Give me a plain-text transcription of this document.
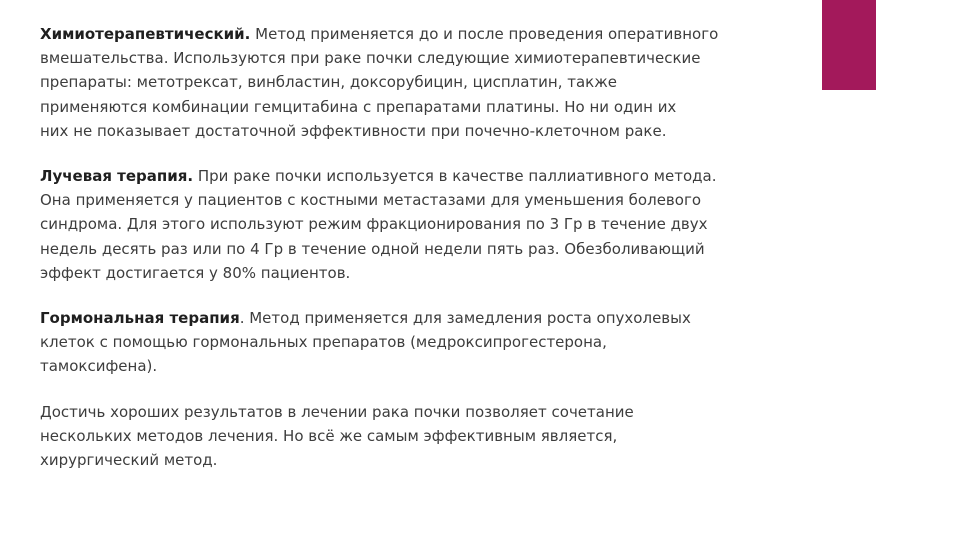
Химиотерапевтический. Метод применяется до и после проведения оперативного
вмешательства. Используются при раке почки следующие химиотерапевтические
препараты: метотрексат, винбластин, доксорубицин, цисплатин, также
применяются комбинации гемцитабина с препаратами платины. Но ни один их
них не показывает достаточной эффективности при почечно-клеточном раке.

Лучевая терапия. При раке почки используется в качестве паллиативного метода.
Она применяется у пациентов с костными метастазами для уменьшения болевого
синдрома. Для этого используют режим фракционирования по 3 Гр в течение двух
недель десять раз или по 4 Гр в течение одной недели пять раз. Обезболивающий
эффект достигается у 80% пациентов.

Гормональная терапия. Метод применяется для замедления роста опухолевых
клеток с помощью гормональных препаратов (медроксипрогестерона,
тамоксифена).

Достичь хороших результатов в лечении рака почки позволяет сочетание
нескольких методов лечения. Но всё же самым эффективным является,
хирургический метод.
